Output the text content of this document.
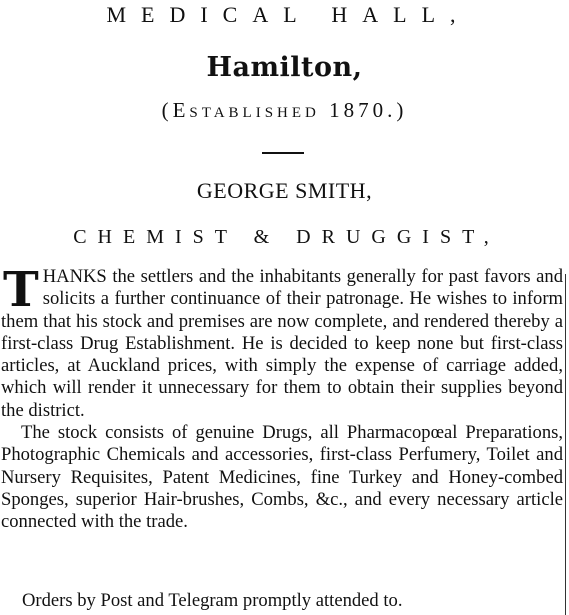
MEDICAL HALL,
Hamilton,
(Established 1870.)
GEORGE SMITH,
CHEMIST & DRUGGIST,

THANKS the settlers and the inhabitants generally for past favors and solicits a further continuance of their patronage. He wishes to inform them that his stock and premises are now complete, and rendered thereby a first-class Drug Establishment. He is decided to keep none but first-class articles, at Auckland prices, with simply the expense of carriage added, which will render it unnecessary for them to obtain their supplies beyond the district.

The stock consists of genuine Drugs, all Pharmacopœal Preparations, Photographic Chemicals and accessories, first-class Perfumery, Toilet and Nursery Requisites, Patent Medicines, fine Turkey and Honey-combed Sponges, superior Hair-brushes, Combs, &c., and every necessary article connected with the trade.

Orders by Post and Telegram promptly attended to.
